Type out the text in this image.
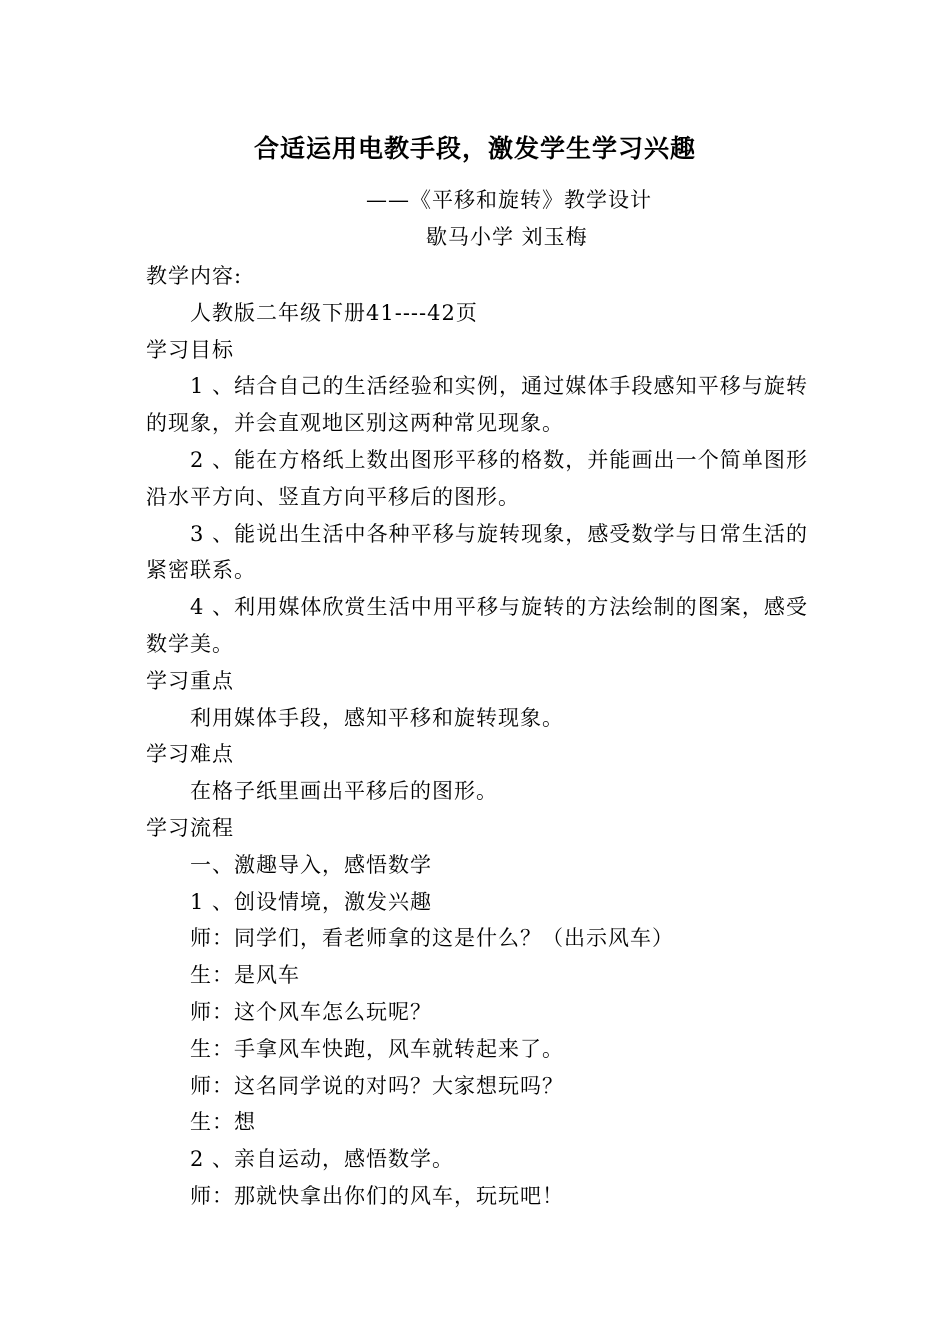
合适运用电教手段，激发学生学习兴趣
——《平移和旋转》教学设计
歇马小学 刘玉梅

教学内容:

人教版二年级下册41----42页

学习目标

1 、结合自己的生活经验和实例，通过媒体手段感知平移与旋转的现象，并会直观地区别这两种常见现象。

2 、能在方格纸上数出图形平移的格数，并能画出一个简单图形沿水平方向、竖直方向平移后的图形。

3 、能说出生活中各种平移与旋转现象，感受数学与日常生活的紧密联系。

4 、利用媒体欣赏生活中用平移与旋转的方法绘制的图案，感受数学美。

学习重点

利用媒体手段，感知平移和旋转现象。

学习难点

在格子纸里画出平移后的图形。

学习流程

一、激趣导入，感悟数学

1 、创设情境，激发兴趣

师：同学们，看老师拿的这是什么？（出示风车）

生：是风车

师：这个风车怎么玩呢？

生：手拿风车快跑，风车就转起来了。

师：这名同学说的对吗？大家想玩吗？

生：想

2 、亲自运动，感悟数学。

师：那就快拿出你们的风车，玩玩吧！
